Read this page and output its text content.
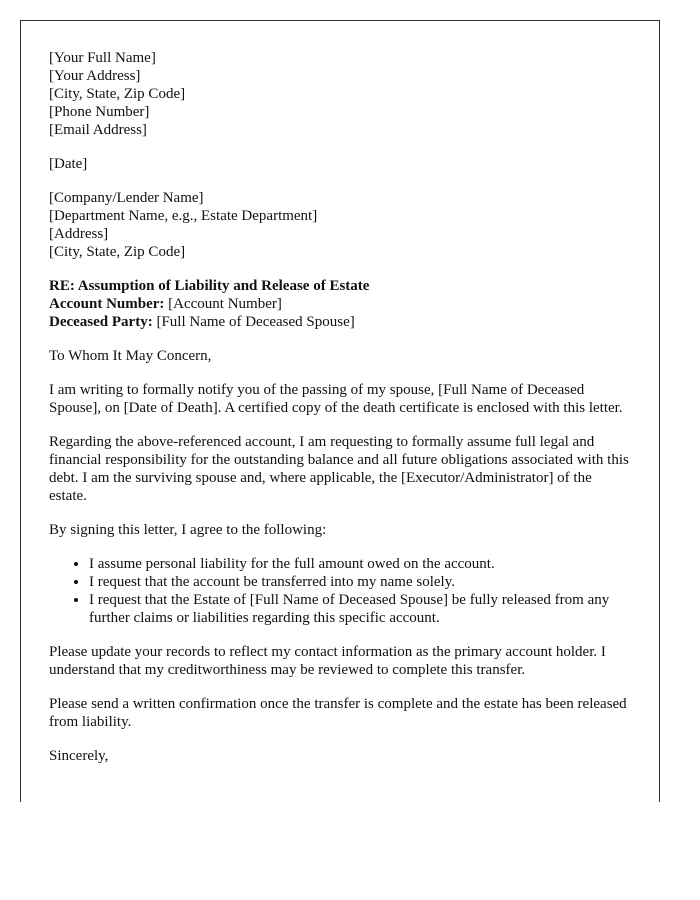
[Your Full Name]
[Your Address]
[City, State, Zip Code]
[Phone Number]
[Email Address]

[Date]

[Company/Lender Name]
[Department Name, e.g., Estate Department]
[Address]
[City, State, Zip Code]

RE: Assumption of Liability and Release of Estate
Account Number: [Account Number]
Deceased Party: [Full Name of Deceased Spouse]

To Whom It May Concern,

I am writing to formally notify you of the passing of my spouse, [Full Name of Deceased Spouse], on [Date of Death]. A certified copy of the death certificate is enclosed with this letter.

Regarding the above-referenced account, I am requesting to formally assume full legal and financial responsibility for the outstanding balance and all future obligations associated with this debt. I am the surviving spouse and, where applicable, the [Executor/Administrator] of the estate.

By signing this letter, I agree to the following:

• I assume personal liability for the full amount owed on the account.
• I request that the account be transferred into my name solely.
• I request that the Estate of [Full Name of Deceased Spouse] be fully released from any further claims or liabilities regarding this specific account.

Please update your records to reflect my contact information as the primary account holder. I understand that my creditworthiness may be reviewed to complete this transfer.

Please send a written confirmation once the transfer is complete and the estate has been released from liability.

Sincerely,
